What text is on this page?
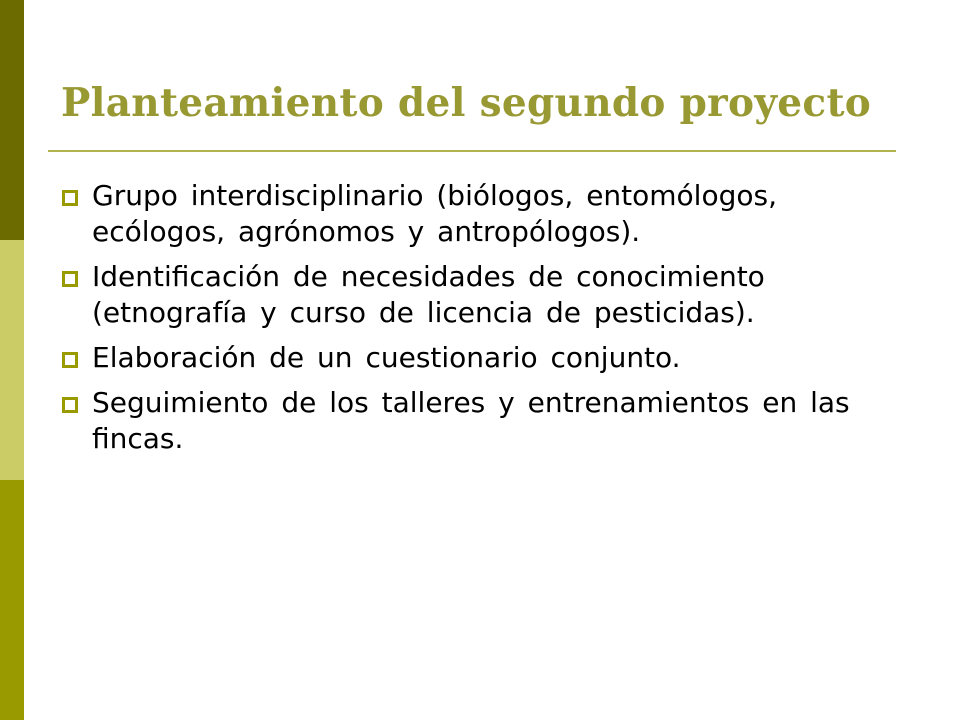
Planteamiento del segundo proyecto
Grupo interdisciplinario (biólogos, entomólogos, ecólogos, agrónomos y antropólogos).
Identificación de necesidades de conocimiento (etnografía y curso de licencia de pesticidas).
Elaboración de un cuestionario conjunto.
Seguimiento de los talleres y entrenamientos en las fincas.
